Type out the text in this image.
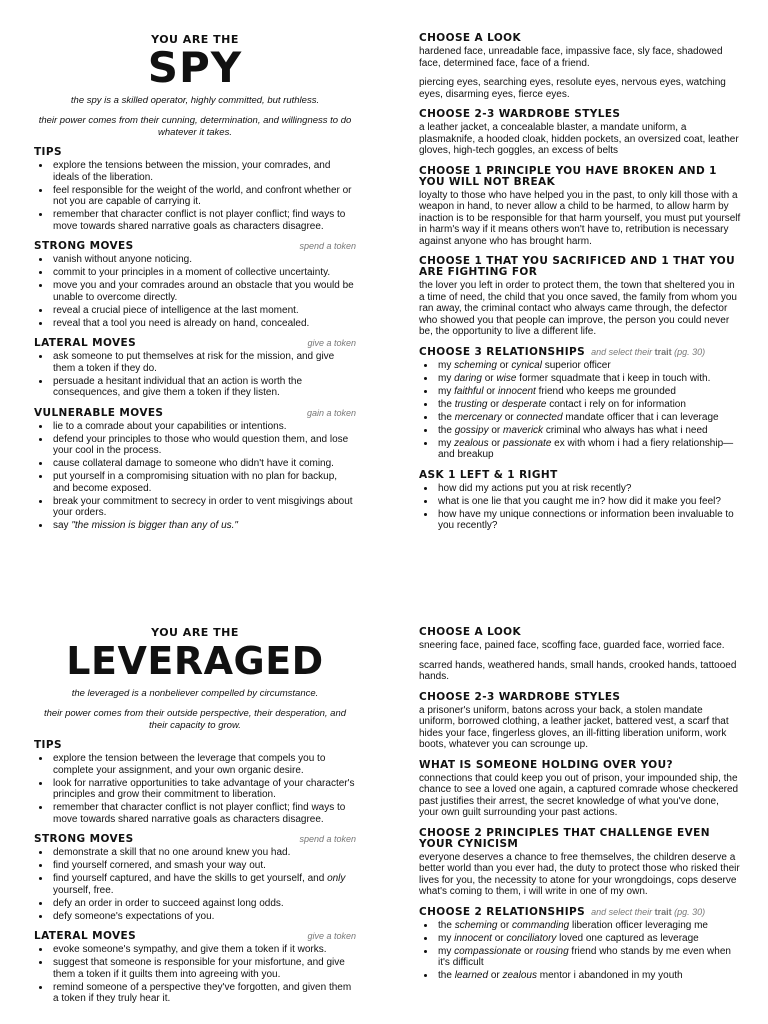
YOU ARE THE
SPY
the spy is a skilled operator, highly committed, but ruthless.
their power comes from their cunning, determination, and willingness to do whatever it takes.
TIPS
• explore the tensions between the mission, your comrades, and ideals of the liberation.
• feel responsible for the weight of the world, and confront whether or not you are capable of carrying it.
• remember that character conflict is not player conflict; find ways to move towards shared narrative goals as characters disagree.
STRONG MOVES	spend a token
• vanish without anyone noticing.
• commit to your principles in a moment of collective uncertainty.
• move you and your comrades around an obstacle that you would be unable to overcome directly.
• reveal a crucial piece of intelligence at the last moment.
• reveal that a tool you need is already on hand, concealed.
LATERAL MOVES	give a token
• ask someone to put themselves at risk for the mission, and give them a token if they do.
• persuade a hesitant individual that an action is worth the consequences, and give them a token if they listen.
VULNERABLE MOVES	gain a token
• lie to a comrade about your capabilities or intentions.
• defend your principles to those who would question them, and lose your cool in the process.
• cause collateral damage to someone who didn't have it coming.
• put yourself in a compromising situation with no plan for backup, and become exposed.
• break your commitment to secrecy in order to vent misgivings about your orders.
• say "the mission is bigger than any of us."
CHOOSE A LOOK
hardened face, unreadable face, impassive face, sly face, shadowed face, determined face, face of a friend.
piercing eyes, searching eyes, resolute eyes, nervous eyes, watching eyes, disarming eyes, fierce eyes.
CHOOSE 2-3 WARDROBE STYLES
a leather jacket, a concealable blaster, a mandate uniform, a plasmaknife, a hooded cloak, hidden pockets, an oversized coat, leather gloves, high-tech goggles, an excess of belts
CHOOSE 1 PRINCIPLE YOU HAVE BROKEN AND 1 YOU WILL NOT BREAK
loyalty to those who have helped you in the past, to only kill those with a weapon in hand, to never allow a child to be harmed, to allow harm by inaction is to be responsible for that harm yourself, you must put yourself in harm's way if it means others won't have to, retribution is necessary against anyone who has brought harm.
CHOOSE 1 THAT YOU SACRIFICED AND 1 THAT YOU ARE FIGHTING FOR
the lover you left in order to protect them, the town that sheltered you in a time of need, the child that you once saved, the family from whom you ran away, the criminal contact who always came through, the defector who showed you that people can improve, the person you could never be, the opportunity to live a different life.
CHOOSE 3 RELATIONSHIPS and select their trait (pg. 30)
• my scheming or cynical superior officer
• my daring or wise former squadmate that i keep in touch with.
• my faithful or innocent friend who keeps me grounded
• the trusting or desperate contact i rely on for information
• the mercenary or connected mandate officer that i can leverage
• the gossipy or maverick criminal who always has what i need
• my zealous or passionate ex with whom i had a fiery relationship—and breakup
ASK 1 LEFT & 1 RIGHT
• how did my actions put you at risk recently?
• what is one lie that you caught me in? how did it make you feel?
• how have my unique connections or information been invaluable to you recently?
YOU ARE THE
LEVERAGED
the leveraged is a nonbeliever compelled by circumstance.
their power comes from their outside perspective, their desperation, and their capacity to grow.
TIPS
• explore the tension between the leverage that compels you to complete your assignment, and your own organic desire.
• look for narrative opportunities to take advantage of your character's principles and grow their commitment to liberation.
• remember that character conflict is not player conflict; find ways to move towards shared narrative goals as characters disagree.
STRONG MOVES	spend a token
• demonstrate a skill that no one around knew you had.
• find yourself cornered, and smash your way out.
• find yourself captured, and have the skills to get yourself, and only yourself, free.
• defy an order in order to succeed against long odds.
• defy someone's expectations of you.
LATERAL MOVES	give a token
• evoke someone's sympathy, and give them a token if it works.
• suggest that someone is responsible for your misfortune, and give them a token if it guilts them into agreeing with you.
• remind someone of a perspective they've forgotten, and given them a token if they truly hear it.
CHOOSE A LOOK
sneering face, pained face, scoffing face, guarded face, worried face.
scarred hands, weathered hands, small hands, crooked hands, tattooed hands.
CHOOSE 2-3 WARDROBE STYLES
a prisoner's uniform, batons across your back, a stolen mandate uniform, borrowed clothing, a leather jacket, battered vest, a scarf that hides your face, fingerless gloves, an ill-fitting liberation uniform, work boots, whatever you can scrounge up.
WHAT IS SOMEONE HOLDING OVER YOU?
connections that could keep you out of prison, your impounded ship, the chance to see a loved one again, a captured comrade whose checkered past justifies their arrest, the secret knowledge of what you've done, your own guilt surrounding your past actions.
CHOOSE 2 PRINCIPLES THAT CHALLENGE EVEN YOUR CYNICISM
everyone deserves a chance to free themselves, the children deserve a better world than you ever had, the duty to protect those who risked their lives for you, the necessity to atone for your wrongdoings, cops deserve what's coming to them, i will write in one of my own.
CHOOSE 2 RELATIONSHIPS and select their trait (pg. 30)
• the scheming or commanding liberation officer leveraging me
• my innocent or conciliatory loved one captured as leverage
• my compassionate or rousing friend who stands by me even when it's difficult
• the learned or zealous mentor i abandoned in my youth
